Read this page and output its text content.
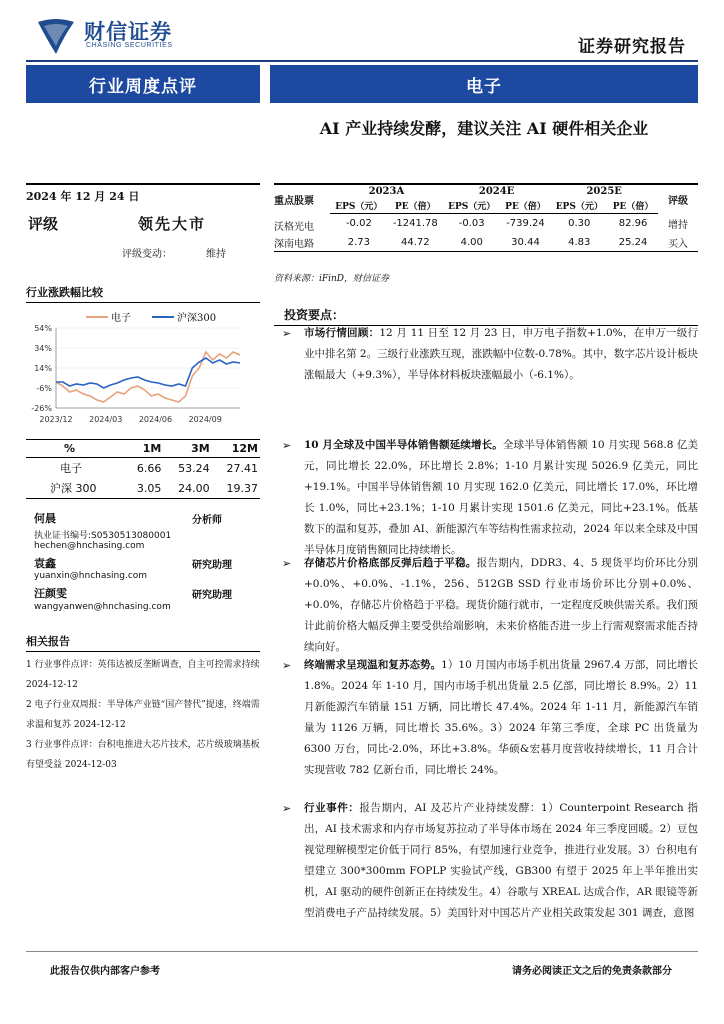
财信证券
CHASING SECURITIES	证券研究报告
行业周度点评	电子
AI 产业持续发酵，建议关注 AI 硬件相关企业
2024 年 12 月 24 日
评级	领先大市
评级变动：	维持
行业涨跌幅比较
电子	沪深300
54%
34%
14%
-6%
-26%
2023/12 2024/03 2024/06 2024/09
%	1M	3M	12M
电子	6.66	53.24	27.41
沪深 300	3.05	24.00	19.37
何晨	分析师
执业证书编号:S0530513080001
hechen@hnchasing.com
袁鑫	研究助理
yuanxin@hnchasing.com
汪颜雯	研究助理
wangyanwen@hnchasing.com
相关报告
1 行业事件点评：英伟达被反垄断调查，自主可控需求持续 2024-12-12
2 电子行业双周报：半导体产业链“国产替代”提速，终端需求温和复苏 2024-12-12
3 行业事件点评：台积电推进大芯片技术，芯片级玻璃基板有望受益 2024-12-03
重点股票	2023A		2024E		2025E		评级
	EPS（元）	PE（倍）	EPS（元）	PE（倍）	EPS（元）	PE（倍）	
沃格光电	-0.02	-1241.78	-0.03	-739.24	0.30	82.96	增持
深南电路	2.73	44.72	4.00	30.44	4.83	25.24	买入
资料来源：iFinD，财信证券
投资要点：
➢ 市场行情回顾：12 月 11 日至 12 月 23 日，申万电子指数+1.0%，在申万一级行业中排名第 2。三级行业涨跌互现，涨跌幅中位数-0.78%。其中，数字芯片设计板块涨幅最大（+9.3%），半导体材料板块涨幅最小（-6.1%）。
➢ 10 月全球及中国半导体销售额延续增长。全球半导体销售额 10 月实现 568.8 亿美元，同比增长 22.0%，环比增长 2.8%；1-10 月累计实现 5026.9 亿美元，同比+19.1%。中国半导体销售额 10 月实现 162.0 亿美元，同比增长 17.0%，环比增长 1.0%，同比+23.1%；1-10 月累计实现 1501.6 亿美元，同比+23.1%。低基数下的温和复苏，叠加 AI、新能源汽车等结构性需求拉动，2024 年以来全球及中国半导体月度销售额同比持续增长。
➢ 存储芯片价格底部反弹后趋于平稳。报告期内，DDR3、4、5 现货平均价环比分别+0.0%、+0.0%、-1.1%，256、512GB SSD 行业市场价环比分别+0.0%、+0.0%，存储芯片价格趋于平稳。现货价随行就市，一定程度反映供需关系。我们预计此前价格大幅反弹主要受供给端影响，未来价格能否进一步上行需观察需求能否持续向好。
➢ 终端需求呈现温和复苏态势。1）10 月国内市场手机出货量 2967.4 万部，同比增长 1.8%。2024 年 1-10 月，国内市场手机出货量 2.5 亿部，同比增长 8.9%。2）11 月新能源汽车销量 151 万辆，同比增长 47.4%。2024 年 1-11 月，新能源汽车销量为 1126 万辆，同比增长 35.6%。3）2024 年第三季度，全球 PC 出货量为 6300 万台，同比-2.0%，环比+3.8%。华硕&宏碁月度营收持续增长，11 月合计实现营收 782 亿新台币，同比增长 24%。
➢ 行业事件：报告期内，AI 及芯片产业持续发酵：1）Counterpoint Research 指出，AI 技术需求和内存市场复苏拉动了半导体市场在 2024 年三季度回暖。2）豆包视觉理解模型定价低于同行 85%，有望加速行业竞争，推进行业发展。3）台积电有望建立 300*300mm FOPLP 实验试产线，GB300 有望于 2025 年上半年推出实机，AI 驱动的硬件创新正在持续发生。4）谷歌与 XREAL 达成合作，AR 眼镜等新型消费电子产品持续发展。5）美国针对中国芯片产业相关政策发起 301 调查，意图
此报告仅供内部客户参考	请务必阅读正文之后的免责条款部分
